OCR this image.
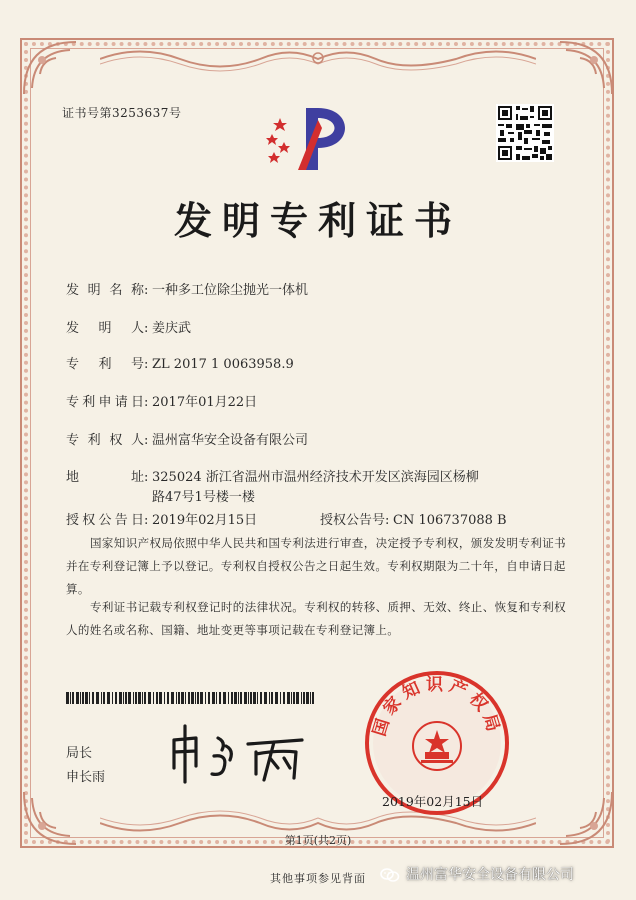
证书号第3253637号
发明专利证书
发明名称: 一种多工位除尘抛光一体机
发明人: 姜庆武
专利号: ZL 2017 1 0063958.9
专利申请日: 2017年01月22日
专利权人: 温州富华安全设备有限公司
地址: 325024 浙江省温州市温州经济技术开发区滨海园区杨柳
路47号1号楼一楼
授权公告日: 2019年02月15日	授权公告号: CN 106737088 B
国家知识产权局依照中华人民共和国专利法进行审查，决定授予专利权，颁发发明专利证书并在专利登记簿上予以登记。专利权自授权公告之日起生效。专利权期限为二十年，自申请日起算。
专利证书记载专利权登记时的法律状况。专利权的转移、质押、无效、终止、恢复和专利权人的姓名或名称、国籍、地址变更等事项记载在专利登记簿上。
局长
申长雨
国家知识产权局
2019年02月15日
第1页(共2页)
其他事项参见背面	温州富华安全设备有限公司
